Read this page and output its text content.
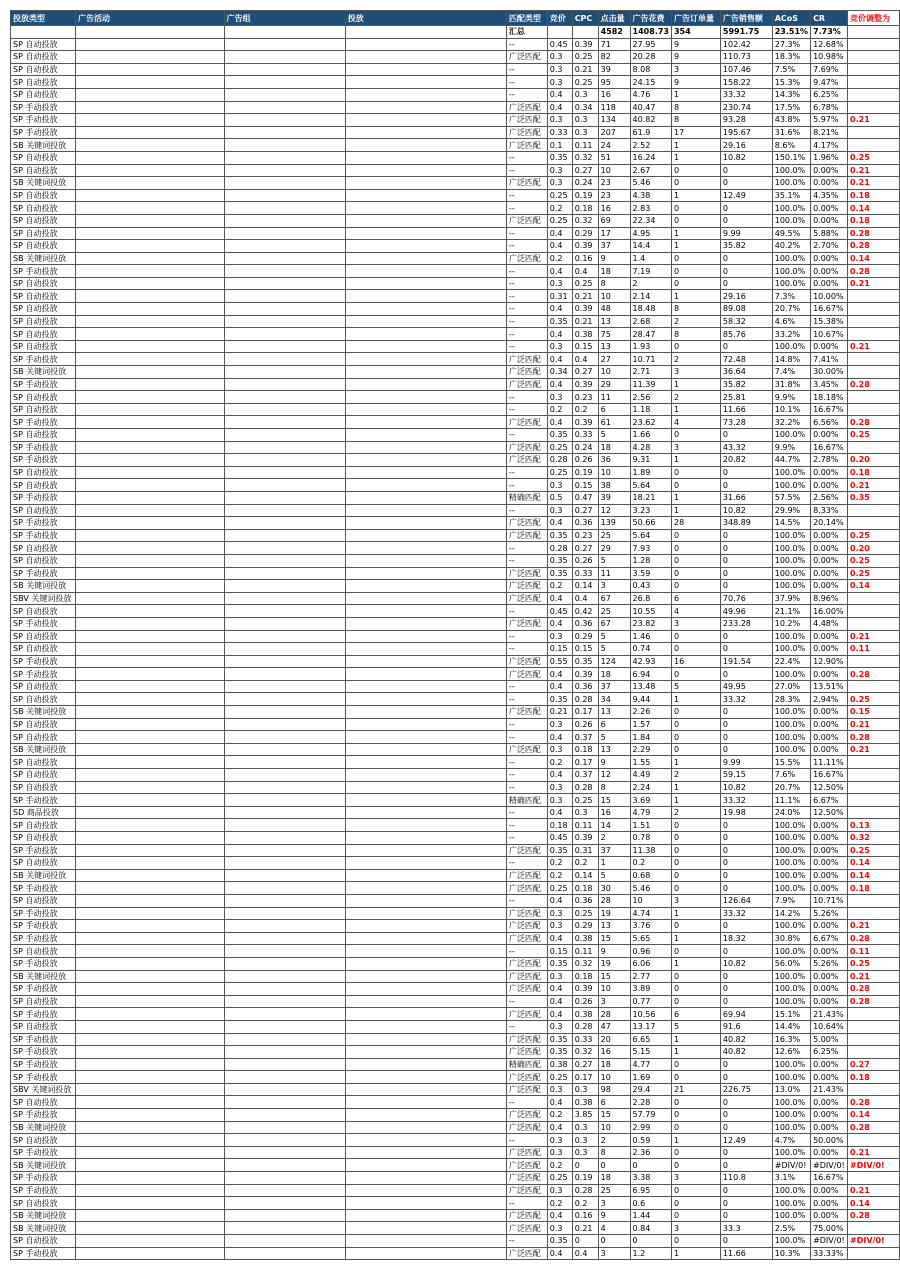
投放类型	广告活动	广告组	投放	匹配类型	竞价	CPC	点击量	广告花费	广告订单量	广告销售额	ACoS	CR	竞价调整为
				汇总			4582	1408.73	354	5991.75	23.51%	7.73%	
SP 自动投放				--	0.45	0.39	71	27.95	9	102.42	27.3%	12.68%	
SP 自动投放				广泛匹配	0.3	0.25	82	20.28	9	110.73	18.3%	10.98%	
SP 自动投放				--	0.3	0.21	39	8.08	3	107.46	7.5%	7.69%	
SP 自动投放				--	0.3	0.25	95	24.15	9	158.22	15.3%	9.47%	
SP 自动投放				--	0.4	0.3	16	4.76	1	33.32	14.3%	6.25%	
SP 手动投放				广泛匹配	0.4	0.34	118	40.47	8	230.74	17.5%	6.78%	
SP 手动投放				广泛匹配	0.3	0.3	134	40.82	8	93.28	43.8%	5.97%	0.21
SP 手动投放				广泛匹配	0.33	0.3	207	61.9	17	195.67	31.6%	8.21%	
SB 关键词投放				广泛匹配	0.1	0.11	24	2.52	1	29.16	8.6%	4.17%	
SP 自动投放				--	0.35	0.32	51	16.24	1	10.82	150.1%	1.96%	0.25
SP 自动投放				--	0.3	0.27	10	2.67	0	0	100.0%	0.00%	0.21
SB 关键词投放				广泛匹配	0.3	0.24	23	5.46	0	0	100.0%	0.00%	0.21
SP 自动投放				--	0.25	0.19	23	4.38	1	12.49	35.1%	4.35%	0.18
SP 自动投放				--	0.2	0.18	16	2.83	0	0	100.0%	0.00%	0.14
SP 自动投放				广泛匹配	0.25	0.32	69	22.34	0	0	100.0%	0.00%	0.18
SP 自动投放				--	0.4	0.29	17	4.95	1	9.99	49.5%	5.88%	0.28
SP 自动投放				--	0.4	0.39	37	14.4	1	35.82	40.2%	2.70%	0.28
SB 关键词投放				广泛匹配	0.2	0.16	9	1.4	0	0	100.0%	0.00%	0.14
SP 手动投放				--	0.4	0.4	18	7.19	0	0	100.0%	0.00%	0.28
SP 自动投放				--	0.3	0.25	8	2	0	0	100.0%	0.00%	0.21
SP 自动投放				--	0.31	0.21	10	2.14	1	29.16	7.3%	10.00%	
SP 自动投放				--	0.4	0.39	48	18.48	8	89.08	20.7%	16.67%	
SP 自动投放				--	0.35	0.21	13	2.68	2	58.32	4.6%	15.38%	
SP 自动投放				--	0.4	0.38	75	28.47	8	85.76	33.2%	10.67%	
SP 自动投放				--	0.3	0.15	13	1.93	0	0	100.0%	0.00%	0.21
SP 手动投放				广泛匹配	0.4	0.4	27	10.71	2	72.48	14.8%	7.41%	
SB 关键词投放				广泛匹配	0.34	0.27	10	2.71	3	36.64	7.4%	30.00%	
SP 手动投放				广泛匹配	0.4	0.39	29	11.39	1	35.82	31.8%	3.45%	0.28
SP 自动投放				--	0.3	0.23	11	2.56	2	25.81	9.9%	18.18%	
SP 自动投放				--	0.2	0.2	6	1.18	1	11.66	10.1%	16.67%	
SP 手动投放				广泛匹配	0.4	0.39	61	23.62	4	73.28	32.2%	6.56%	0.28
SP 自动投放				--	0.35	0.33	5	1.66	0	0	100.0%	0.00%	0.25
SP 手动投放				广泛匹配	0.25	0.24	18	4.28	3	43.32	9.9%	16.67%	
SP 手动投放				广泛匹配	0.28	0.26	36	9.31	1	20.82	44.7%	2.78%	0.20
SP 自动投放				--	0.25	0.19	10	1.89	0	0	100.0%	0.00%	0.18
SP 自动投放				--	0.3	0.15	38	5.64	0	0	100.0%	0.00%	0.21
SP 手动投放				精确匹配	0.5	0.47	39	18.21	1	31.66	57.5%	2.56%	0.35
SP 自动投放				--	0.3	0.27	12	3.23	1	10.82	29.9%	8.33%	
SP 手动投放				广泛匹配	0.4	0.36	139	50.66	28	348.89	14.5%	20.14%	
SP 手动投放				广泛匹配	0.35	0.23	25	5.64	0	0	100.0%	0.00%	0.25
SP 自动投放				--	0.28	0.27	29	7.93	0	0	100.0%	0.00%	0.20
SP 自动投放				--	0.35	0.26	5	1.28	0	0	100.0%	0.00%	0.25
SP 手动投放				广泛匹配	0.35	0.33	11	3.59	0	0	100.0%	0.00%	0.25
SB 关键词投放				广泛匹配	0.2	0.14	3	0.43	0	0	100.0%	0.00%	0.14
SBV 关键词投放				广泛匹配	0.4	0.4	67	26.8	6	70.76	37.9%	8.96%	
SP 自动投放				--	0.45	0.42	25	10.55	4	49.96	21.1%	16.00%	
SP 手动投放				广泛匹配	0.4	0.36	67	23.82	3	233.28	10.2%	4.48%	
SP 自动投放				--	0.3	0.29	5	1.46	0	0	100.0%	0.00%	0.21
SP 自动投放				--	0.15	0.15	5	0.74	0	0	100.0%	0.00%	0.11
SP 手动投放				广泛匹配	0.55	0.35	124	42.93	16	191.54	22.4%	12.90%	
SP 手动投放				广泛匹配	0.4	0.39	18	6.94	0	0	100.0%	0.00%	0.28
SP 自动投放				--	0.4	0.36	37	13.48	5	49.95	27.0%	13.51%	
SP 自动投放				--	0.35	0.28	34	9.44	1	33.32	28.3%	2.94%	0.25
SB 关键词投放				广泛匹配	0.21	0.17	13	2.26	0	0	100.0%	0.00%	0.15
SP 自动投放				--	0.3	0.26	6	1.57	0	0	100.0%	0.00%	0.21
SP 自动投放				--	0.4	0.37	5	1.84	0	0	100.0%	0.00%	0.28
SB 关键词投放				广泛匹配	0.3	0.18	13	2.29	0	0	100.0%	0.00%	0.21
SP 自动投放				--	0.2	0.17	9	1.55	1	9.99	15.5%	11.11%	
SP 自动投放				--	0.4	0.37	12	4.49	2	59.15	7.6%	16.67%	
SP 自动投放				--	0.3	0.28	8	2.24	1	10.82	20.7%	12.50%	
SP 手动投放				精确匹配	0.3	0.25	15	3.69	1	33.32	11.1%	6.67%	
SD 商品投放				--	0.4	0.3	16	4.79	2	19.98	24.0%	12.50%	
SP 自动投放				--	0.18	0.11	14	1.51	0	0	100.0%	0.00%	0.13
SP 自动投放				--	0.45	0.39	2	0.78	0	0	100.0%	0.00%	0.32
SP 手动投放				广泛匹配	0.35	0.31	37	11.38	0	0	100.0%	0.00%	0.25
SP 自动投放				--	0.2	0.2	1	0.2	0	0	100.0%	0.00%	0.14
SB 关键词投放				广泛匹配	0.2	0.14	5	0.68	0	0	100.0%	0.00%	0.14
SP 手动投放				广泛匹配	0.25	0.18	30	5.46	0	0	100.0%	0.00%	0.18
SP 自动投放				--	0.4	0.36	28	10	3	126.64	7.9%	10.71%	
SP 手动投放				广泛匹配	0.3	0.25	19	4.74	1	33.32	14.2%	5.26%	
SP 手动投放				广泛匹配	0.3	0.29	13	3.76	0	0	100.0%	0.00%	0.21
SP 手动投放				广泛匹配	0.4	0.38	15	5.65	1	18.32	30.8%	6.67%	0.28
SP 自动投放				--	0.15	0.11	9	0.96	0	0	100.0%	0.00%	0.11
SP 手动投放				广泛匹配	0.35	0.32	19	6.06	1	10.82	56.0%	5.26%	0.25
SB 关键词投放				广泛匹配	0.3	0.18	15	2.77	0	0	100.0%	0.00%	0.21
SP 手动投放				广泛匹配	0.4	0.39	10	3.89	0	0	100.0%	0.00%	0.28
SP 自动投放				--	0.4	0.26	3	0.77	0	0	100.0%	0.00%	0.28
SP 手动投放				广泛匹配	0.4	0.38	28	10.56	6	69.94	15.1%	21.43%	
SP 自动投放				--	0.3	0.28	47	13.17	5	91.6	14.4%	10.64%	
SP 手动投放				广泛匹配	0.35	0.33	20	6.65	1	40.82	16.3%	5.00%	
SP 手动投放				广泛匹配	0.35	0.32	16	5.15	1	40.82	12.6%	6.25%	
SP 手动投放				精确匹配	0.38	0.27	18	4.77	0	0	100.0%	0.00%	0.27
SP 手动投放				广泛匹配	0.25	0.17	10	1.69	0	0	100.0%	0.00%	0.18
SBV 关键词投放				广泛匹配	0.3	0.3	98	29.4	21	226.75	13.0%	21.43%	
SP 自动投放				--	0.4	0.38	6	2.28	0	0	100.0%	0.00%	0.28
SP 手动投放				广泛匹配	0.2	3.85	15	57.79	0	0	100.0%	0.00%	0.14
SB 关键词投放				广泛匹配	0.4	0.3	10	2.99	0	0	100.0%	0.00%	0.28
SP 自动投放				--	0.3	0.3	2	0.59	1	12.49	4.7%	50.00%	
SP 手动投放				广泛匹配	0.3	0.3	8	2.36	0	0	100.0%	0.00%	0.21
SB 关键词投放				广泛匹配	0.2	0	0	0	0	0	#DIV/0!	#DIV/0!	#DIV/0!
SP 手动投放				广泛匹配	0.25	0.19	18	3.38	3	110.8	3.1%	16.67%	
SP 手动投放				广泛匹配	0.3	0.28	25	6.95	0	0	100.0%	0.00%	0.21
SP 自动投放				--	0.2	0.2	3	0.6	0	0	100.0%	0.00%	0.14
SB 关键词投放				广泛匹配	0.4	0.16	9	1.44	0	0	100.0%	0.00%	0.28
SB 关键词投放				广泛匹配	0.3	0.21	4	0.84	3	33.3	2.5%	75.00%	
SP 自动投放				--	0.35	0	0	0	0	0	100.0%	#DIV/0!	#DIV/0!
SP 手动投放				广泛匹配	0.4	0.4	3	1.2	1	11.66	10.3%	33.33%	
